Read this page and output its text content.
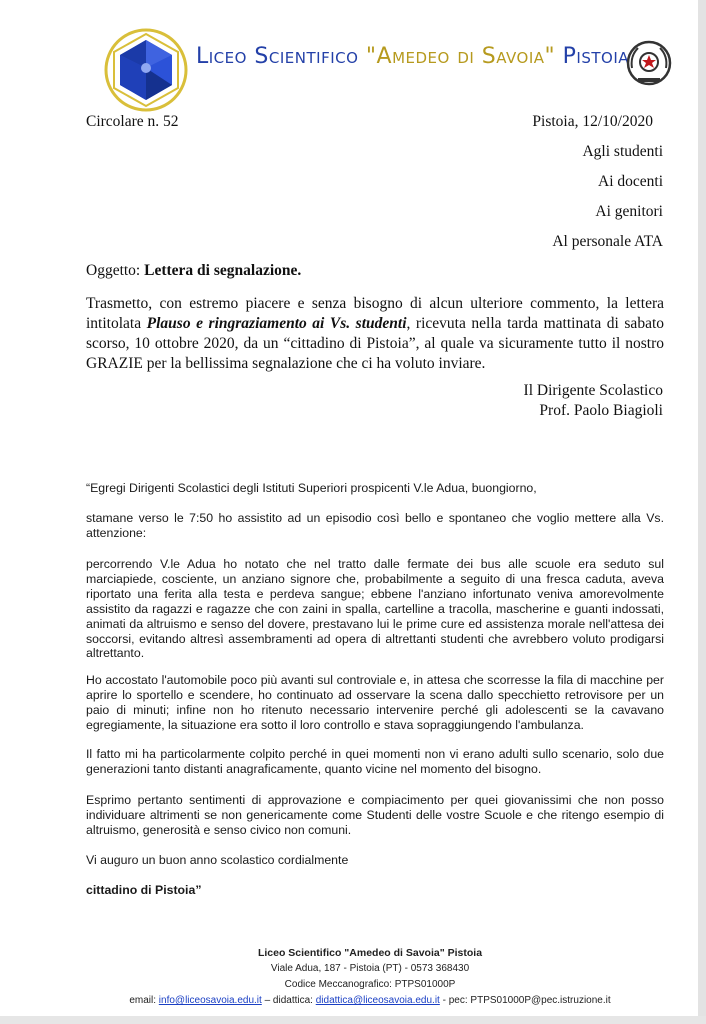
Liceo Scientifico "Amedeo di Savoia" Pistoia
Circolare n. 52	Pistoia, 12/10/2020
Agli studenti
Ai docenti
Ai genitori
Al personale ATA
Oggetto: Lettera di segnalazione.
Trasmetto, con estremo piacere e senza bisogno di alcun ulteriore commento, la lettera intitolata Plauso e ringraziamento ai Vs. studenti, ricevuta nella tarda mattinata di sabato scorso, 10 ottobre 2020, da un “cittadino di Pistoia”, al quale va sicuramente tutto il nostro GRAZIE per la bellissima segnalazione che ci ha voluto inviare.
Il Dirigente Scolastico
Prof. Paolo Biagioli

“Egregi Dirigenti Scolastici degli Istituti Superiori prospicenti V.le Adua, buongiorno,

stamane verso le 7:50 ho assistito ad un episodio così bello e spontaneo che voglio mettere alla Vs. attenzione:

percorrendo V.le Adua ho notato che nel tratto dalle fermate dei bus alle scuole era seduto sul marciapiede, cosciente, un anziano signore che, probabilmente a seguito di una fresca caduta, aveva riportato una ferita alla testa e perdeva sangue; ebbene l'anziano infortunato veniva amorevolmente assistito da ragazzi e ragazze che con zaini in spalla, cartelline a tracolla, mascherine e guanti indossati, animati da altruismo e senso del dovere, prestavano lui le prime cure ed assistenza morale nell'attesa dei soccorsi, evitando altresì assembramenti ad opera di altrettanti studenti che avrebbero voluto prodigarsi altrettanto.

Ho accostato l'automobile poco più avanti sul controviale e, in attesa che scorresse la fila di macchine per aprire lo sportello e scendere, ho continuato ad osservare la scena dallo specchietto retrovisore per un paio di minuti; infine non ho ritenuto necessario intervenire perché gli adolescenti se la cavavano egregiamente, la situazione era sotto il loro controllo e stava sopraggiungendo l'ambulanza.

Il fatto mi ha particolarmente colpito perché in quei momenti non vi erano adulti sullo scenario, solo due generazioni tanto distanti anagraficamente, quanto vicine nel momento del bisogno.

Esprimo pertanto sentimenti di approvazione e compiacimento per quei giovanissimi che non posso individuare altrimenti se non genericamente come Studenti delle vostre Scuole e che ritengo esempio di altruismo, generosità e senso civico non comuni.

Vi auguro un buon anno scolastico cordialmente

cittadino di Pistoia”

Liceo Scientifico "Amedeo di Savoia" Pistoia
Viale Adua, 187 - Pistoia (PT) - 0573 368430
Codice Meccanografico: PTPS01000P
email: info@liceosavoia.edu.it – didattica: didattica@liceosavoia.edu.it - pec: PTPS01000P@pec.istruzione.it
